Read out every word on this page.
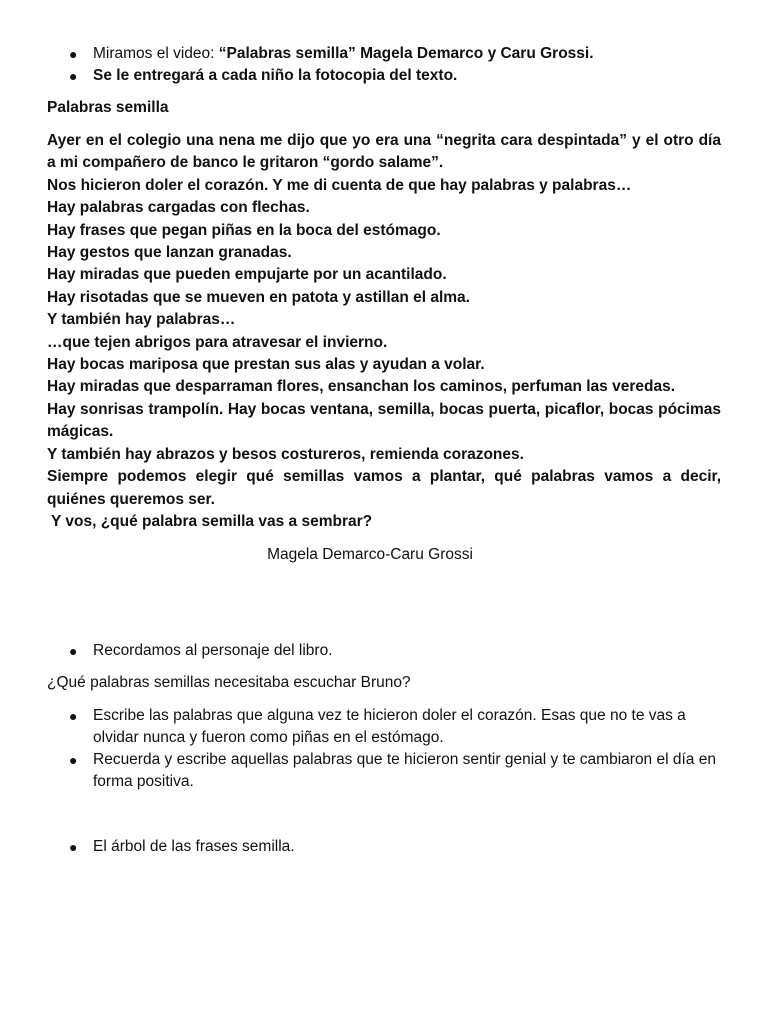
● Miramos el video: “Palabras semilla” Magela Demarco y Caru Grossi.
● Se le entregará a cada niño la fotocopia del texto.
Palabras semilla

Ayer en el colegio una nena me dijo que yo era una “negrita cara despintada” y el otro día a mi compañero de banco le gritaron “gordo salame”.

Nos hicieron doler el corazón. Y me di cuenta de que hay palabras y palabras…

Hay palabras cargadas con flechas.

Hay frases que pegan piñas en la boca del estómago.

Hay gestos que lanzan granadas.

Hay miradas que pueden empujarte por un acantilado.

Hay risotadas que se mueven en patota y astillan el alma.

Y también hay palabras…

…que tejen abrigos para atravesar el invierno.

Hay bocas mariposa que prestan sus alas y ayudan a volar.

Hay miradas que desparraman flores, ensanchan los caminos, perfuman las veredas.

Hay sonrisas trampolín. Hay bocas ventana, semilla, bocas puerta, picaflor, bocas pócimas mágicas.

Y también hay abrazos y besos costureros, remienda corazones.

Siempre podemos elegir qué semillas vamos a plantar, qué palabras vamos a decir, quiénes queremos ser.

Y vos, ¿qué palabra semilla vas a sembrar?

Magela Demarco-Caru Grossi
● Recordamos al personaje del libro.
¿Qué palabras semillas necesitaba escuchar Bruno?
● Escribe las palabras que alguna vez te hicieron doler el corazón. Esas que no te vas a olvidar nunca y fueron como piñas en el estómago.
● Recuerda y escribe aquellas palabras que te hicieron sentir genial y te cambiaron el día en forma positiva.
● El árbol de las frases semilla.
